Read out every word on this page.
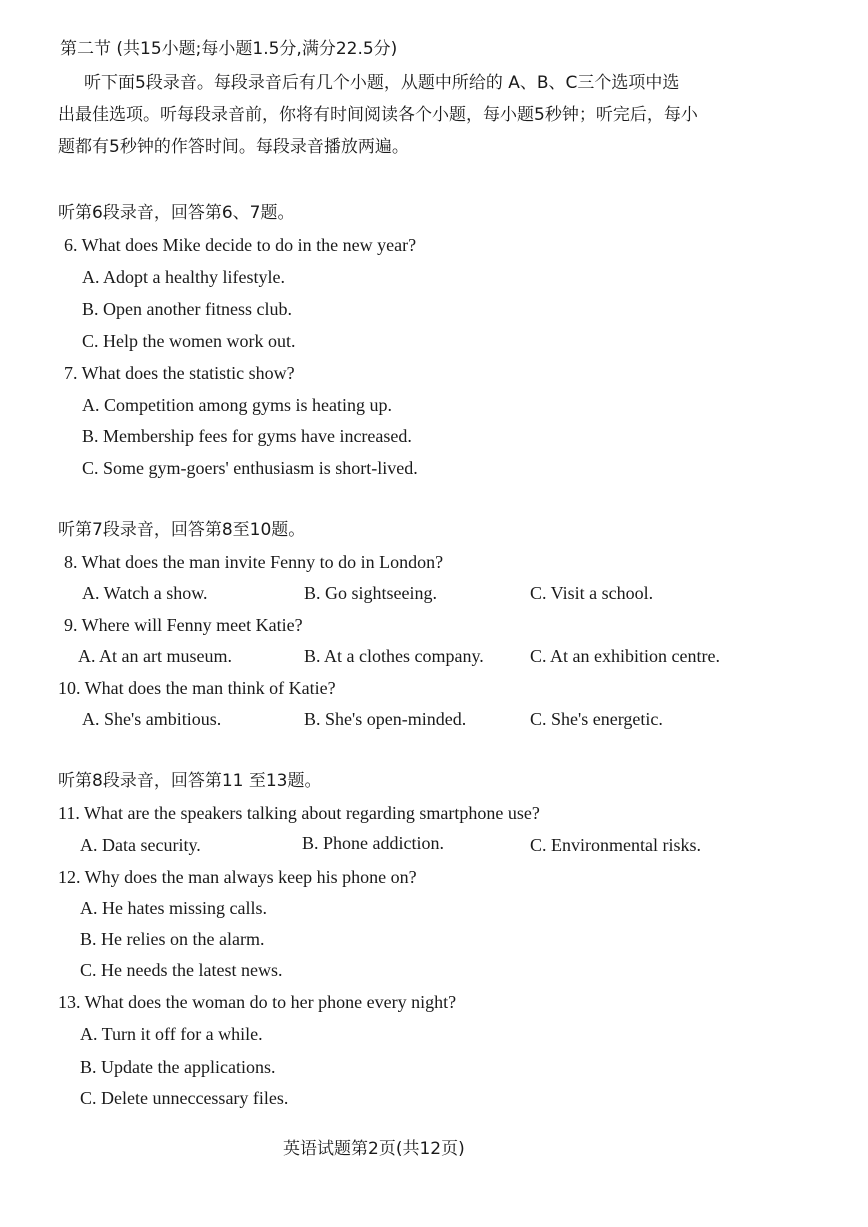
第二节 (共15小题;每小题1.5分,满分22.5分)
听下面5段录音。每段录音后有几个小题，从题中所给的 A、B、C三个选项中选
出最佳选项。听每段录音前，你将有时间阅读各个小题，每小题5秒钟；听完后，每小
题都有5秒钟的作答时间。每段录音播放两遍。
听第6段录音，回答第6、7题。
6. What does Mike decide to do in the new year?
A. Adopt a healthy lifestyle.
B. Open another fitness club.
C. Help the women work out.
7. What does the statistic show?
A. Competition among gyms is heating up.
B. Membership fees for gyms have increased.
C. Some gym-goers' enthusiasm is short-lived.
听第7段录音，回答第8至10题。
8. What does the man invite Fenny to do in London?
A. Watch a show.	B. Go sightseeing.	C. Visit a school.
9. Where will Fenny meet Katie?
A. At an art museum.	B. At a clothes company.	C. At an exhibition centre.
10. What does the man think of Katie?
A. She's ambitious.	B. She's open-minded.	C. She's energetic.
听第8段录音，回答第11 至13题。
11. What are the speakers talking about regarding smartphone use?
A. Data security.	B. Phone addiction.	C. Environmental risks.
12. Why does the man always keep his phone on?
A. He hates missing calls.
B. He relies on the alarm.
C. He needs the latest news.
13. What does the woman do to her phone every night?
A. Turn it off for a while.
B. Update the applications.
C. Delete unneccessary files.
英语试题第2页(共12页)
